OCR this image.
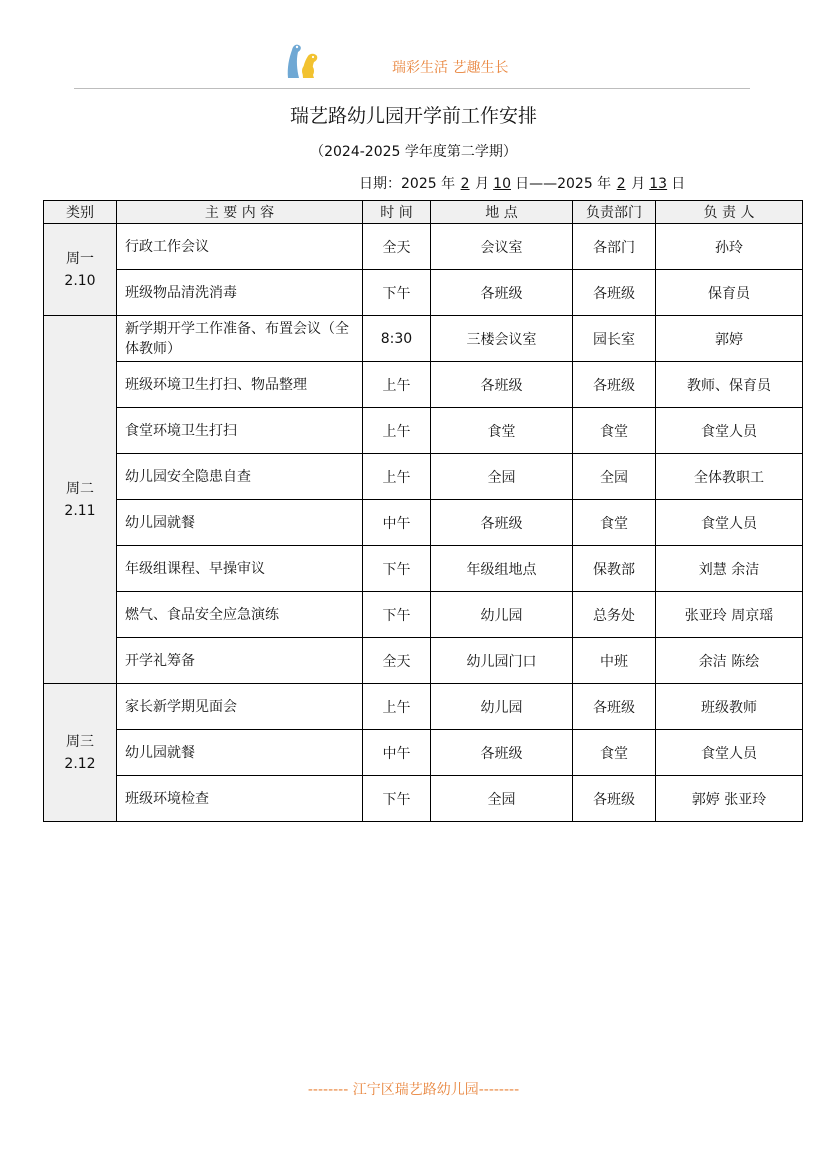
瑞彩生活 艺趣生长
瑞艺路幼儿园开学前工作安排
（2024-2025 学年度第二学期）
日期：2025 年 2 月 10 日——2025 年 2 月 13 日
类别	主 要 内 容	时 间	地 点	负责部门	负 责 人
周一
2.10	行政工作会议	全天	会议室	各部门	孙玲
	班级物品清洗消毒	下午	各班级	各班级	保育员
周二
2.11	新学期开学工作准备、布置会议（全体教师）	8:30	三楼会议室	园长室	郭婷
	班级环境卫生打扫、物品整理	上午	各班级	各班级	教师、保育员
	食堂环境卫生打扫	上午	食堂	食堂	食堂人员
	幼儿园安全隐患自查	上午	全园	全园	全体教职工
	幼儿园就餐	中午	各班级	食堂	食堂人员
	年级组课程、早操审议	下午	年级组地点	保教部	刘慧 余洁
	燃气、食品安全应急演练	下午	幼儿园	总务处	张亚玲 周京瑶
	开学礼筹备	全天	幼儿园门口	中班	余洁 陈绘
周三
2.12	家长新学期见面会	上午	幼儿园	各班级	班级教师
	幼儿园就餐	中午	各班级	食堂	食堂人员
	班级环境检查	下午	全园	各班级	郭婷 张亚玲
-------- 江宁区瑞艺路幼儿园--------
